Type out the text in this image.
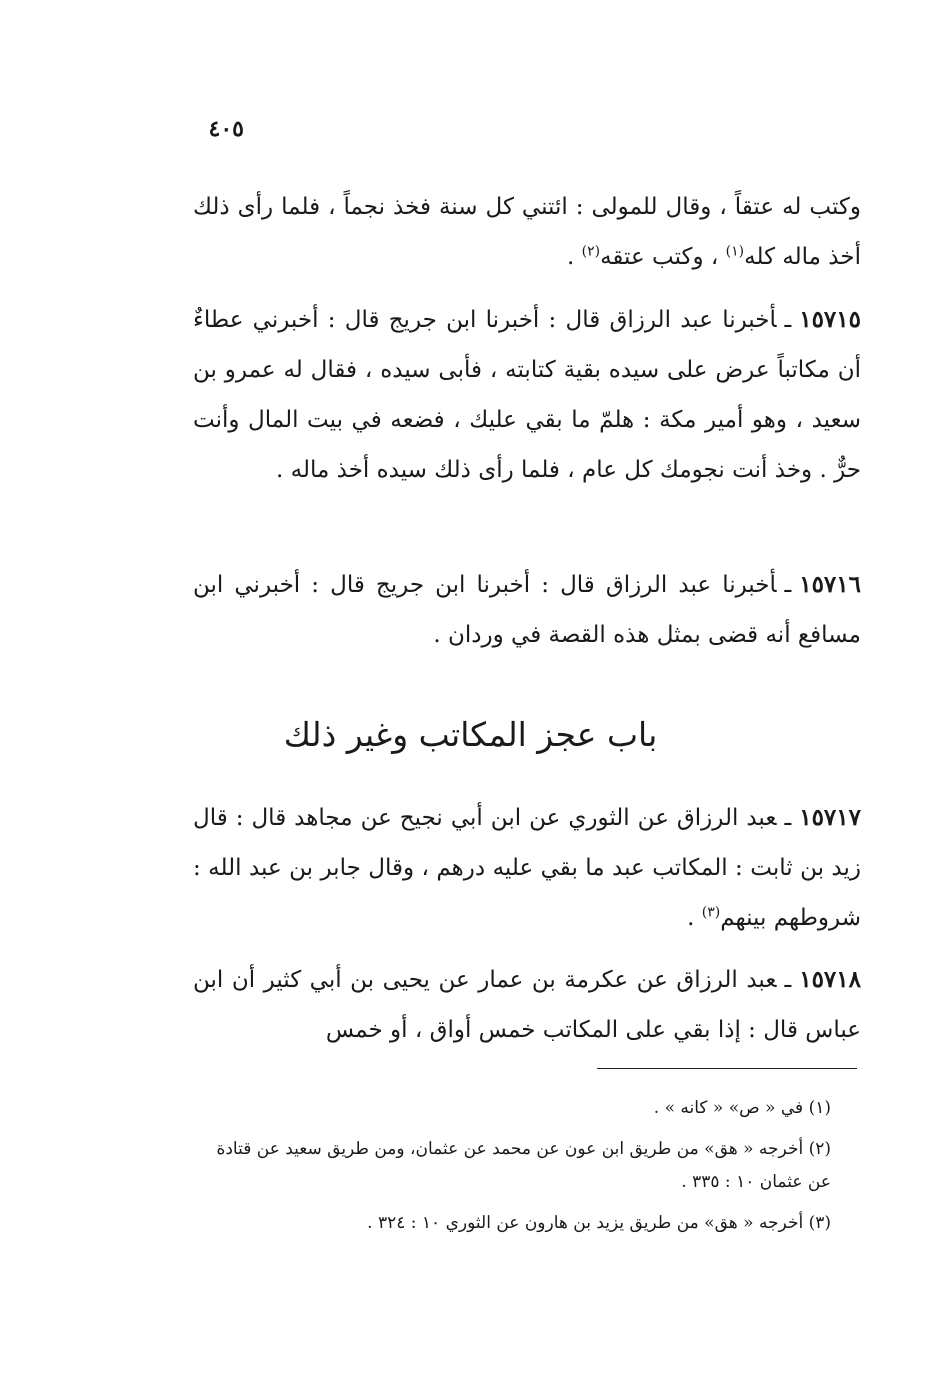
٤٠٥
وكتب له عتقاً ، وقال للمولى : ائتني كل سنة فخذ نجماً ، فلما رأى ذلك أخذ ماله كله$^{(١)}$ ، وكتب عتقه$^{(٢)}$ .
١٥٧١٥ـأخبرنا عبد الرزاق قال : أخبرنا ابن جريج قال : أخبرني عطاءٌ أن مكاتباً عرض على سيده بقية كتابته ، فأبى سيده ، فقال له عمرو بن سعيد ، وهو أمير مكة : هلمّ ما بقي عليك ، فضعه في بيت المال وأنت حرٌّ . وخذ أنت نجومك كل عام ، فلما رأى ذلك سيده أخذ ماله .
١٥٧١٦ـأخبرنا عبد الرزاق قال : أخبرنا ابن جريج قال : أخبرني ابن مسافع أنه قضى بمثل هذه القصة في وردان .
باب عجز المكاتب وغير ذلك
١٥٧١٧ـعبد الرزاق عن الثوري عن ابن أبي نجيح عن مجاهد قال : قال زيد بن ثابت : المكاتب عبد ما بقي عليه درهم ، وقال جابر بن عبد الله : شروطهم بينهم$^{(٣)}$ .
١٥٧١٨ـعبد الرزاق عن عكرمة بن عمار عن يحيى بن أبي كثير أن ابن عباس قال : إذا بقي على المكاتب خمس أواق ، أو خمس
(١) في « ص» « كانه » .
(٢) أخرجه « هق» من طريق ابن عون عن محمد عن عثمان، ومن طريق سعيد عن قتادة عن عثمان ١٠ : ٣٣٥ .
(٣) أخرجه « هق» من طريق يزيد بن هارون عن الثوري ١٠ : ٣٢٤ .
